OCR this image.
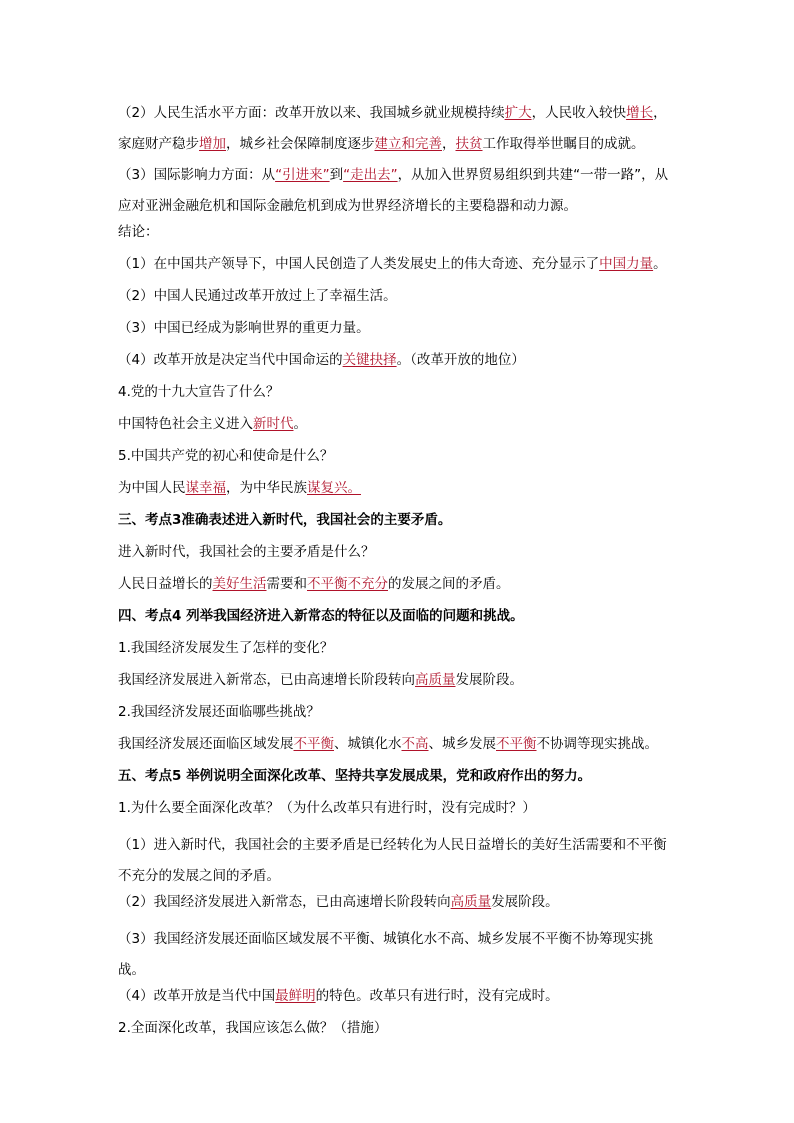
（2）人民生活水平方面：改革开放以来、我国城乡就业规模持续扩大，人民收入较快增长，家庭财产稳步增加，城乡社会保障制度逐步建立和完善，扶贫工作取得举世瞩目的成就。

（3）国际影响力方面：从“引进来”到“走出去”，从加入世界贸易组织到共建“一带一路”，从应对亚洲金融危机和国际金融危机到成为世界经济增长的主要稳器和动力源。

结论：

（1）在中国共产领导下，中国人民创造了人类发展史上的伟大奇迹、充分显示了中国力量。

（2）中国人民通过改革开放过上了幸福生活。

（3）中国已经成为影响世界的重更力量。

（4）改革开放是决定当代中国命运的关键抉择。（改革开放的地位）

4.党的十九大宣告了什么？

中国特色社会主义进入新时代。

5.中国共产党的初心和使命是什么？

为中国人民谋幸福，为中华民族谋复兴。

三、考点3准确表述进入新时代，我国社会的主要矛盾。

进入新时代，我国社会的主要矛盾是什么？

人民日益增长的美好生活需要和不平衡不充分的发展之间的矛盾。

四、考点4 列举我国经济进入新常态的特征以及面临的问题和挑战。

1.我国经济发展发生了怎样的变化？

我国经济发展进入新常态，已由高速增长阶段转向高质量发展阶段。

2.我国经济发展还面临哪些挑战？

我国经济发展还面临区域发展不平衡、城镇化水不高、城乡发展不平衡不协调等现实挑战。

五、考点5 举例说明全面深化改革、坚持共享发展成果，党和政府作出的努力。

1.为什么要全面深化改革？（为什么改革只有进行时，没有完成时？）

（1）进入新时代，我国社会的主要矛盾是已经转化为人民日益增长的美好生活需要和不平衡不充分的发展之间的矛盾。

（2）我国经济发展进入新常态，已由高速增长阶段转向高质量发展阶段。

（3）我国经济发展还面临区域发展不平衡、城镇化水不高、城乡发展不平衡不协筹现实挑战。

（4）改革开放是当代中国最鲜明的特色。改革只有进行时，没有完成时。

2.全面深化改革，我国应该怎么做？（措施）
